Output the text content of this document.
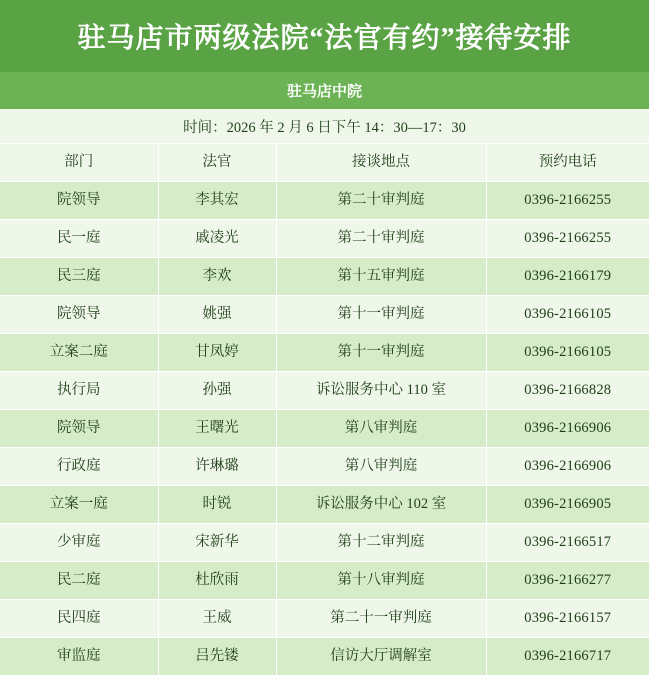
驻马店市两级法院“法官有约”接待安排
驻马店中院
时间：2026 年 2 月 6 日下午 14：30—17：30
部门	法官	接谈地点	预约电话
院领导	李其宏	第二十审判庭	0396-2166255
民一庭	戚凌光	第二十审判庭	0396-2166255
民三庭	李欢	第十五审判庭	0396-2166179
院领导	姚强	第十一审判庭	0396-2166105
立案二庭	甘凤婷	第十一审判庭	0396-2166105
执行局	孙强	诉讼服务中心 110 室	0396-2166828
院领导	王曙光	第八审判庭	0396-2166906
行政庭	许琳璐	第八审判庭	0396-2166906
立案一庭	时锐	诉讼服务中心 102 室	0396-2166905
少审庭	宋新华	第十二审判庭	0396-2166517
民二庭	杜欣雨	第十八审判庭	0396-2166277
民四庭	王威	第二十一审判庭	0396-2166157
审监庭	吕先镂	信访大厅调解室	0396-2166717
